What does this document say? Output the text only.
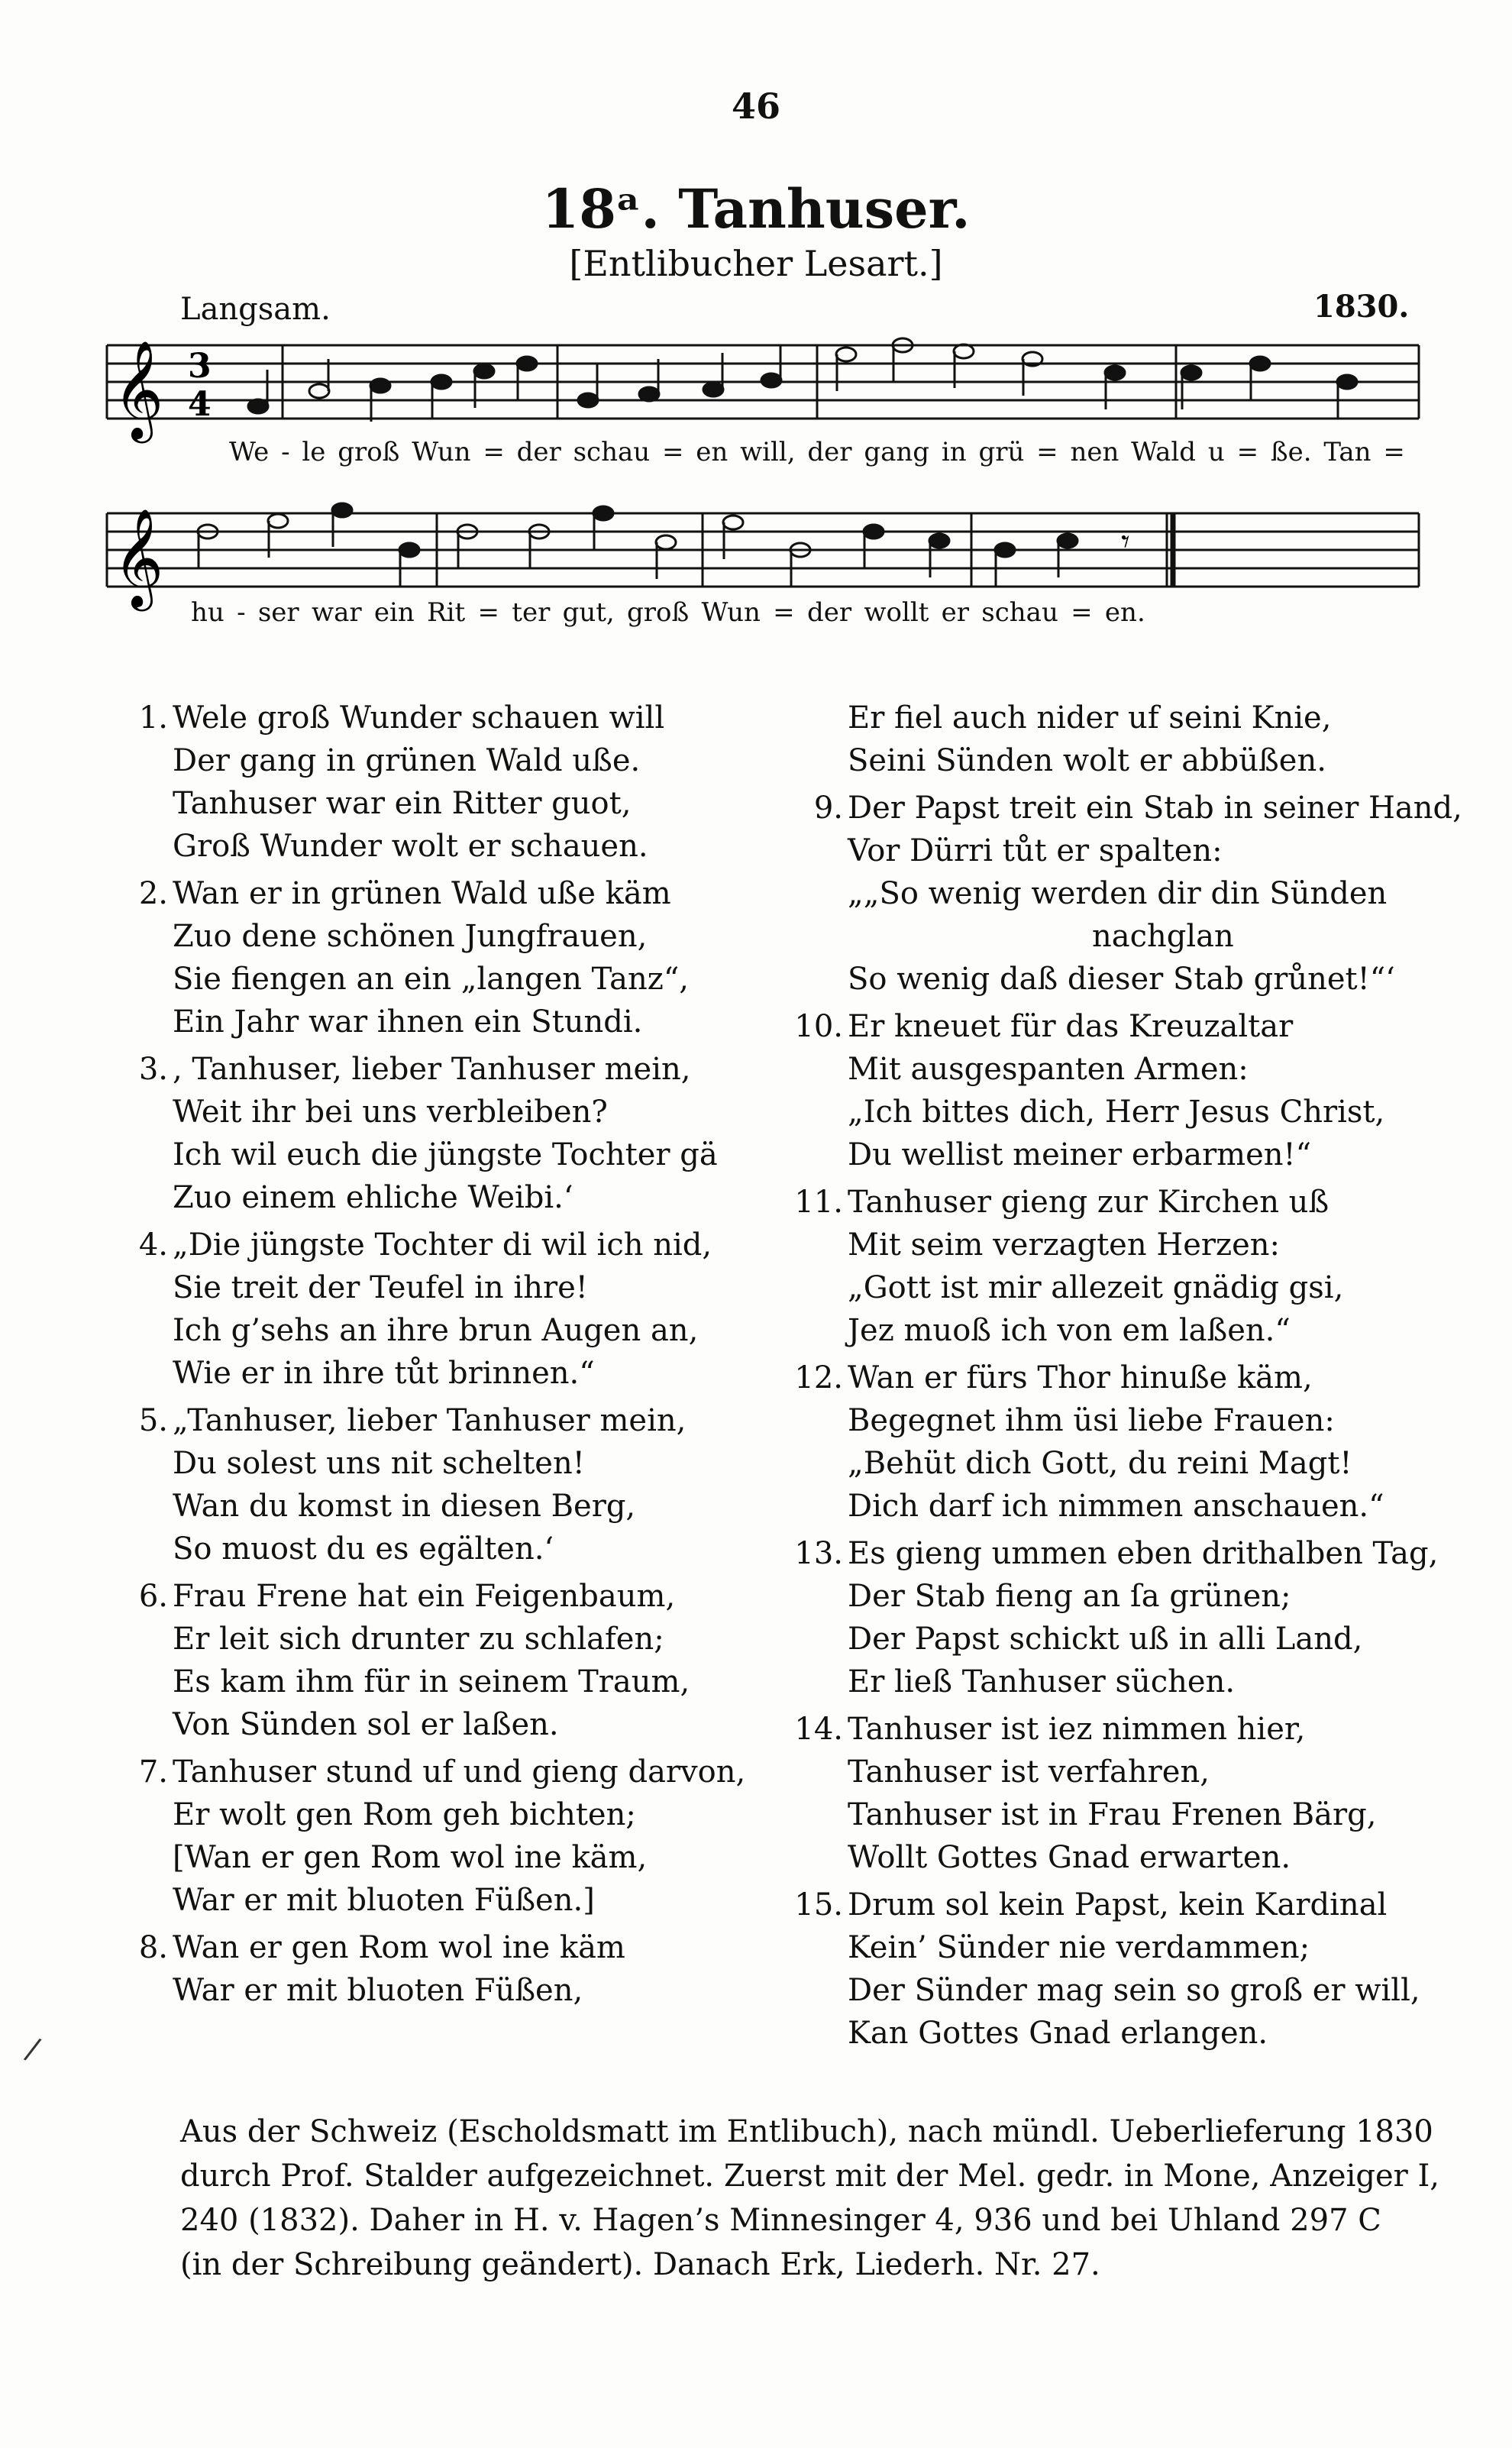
46
18ᵃ. Tanhuser.
[Entlibucher Lesart.]
Langsam.	1830.
𝄞 3
4
𝄞	𝄾
We - le groß Wun = der schau = en will, der gang in grü = nen Wald u = ße. Tan =
hu - ser war ein Rit = ter gut, groß Wun = der wollt er schau = en.
1. Wele groß Wunder schauen will
Der gang in grünen Wald uße.
Tanhuser war ein Ritter guot,
Groß Wunder wolt er schauen.
2. Wan er in grünen Wald uße käm
Zuo dene schönen Jungfrauen,
Sie fiengen an ein „langen Tanz“,
Ein Jahr war ihnen ein Stundi.
3. , Tanhuser, lieber Tanhuser mein,
Weit ihr bei uns verbleiben?
Ich wil euch die jüngste Tochter gä
Zuo einem ehliche Weibi.‘
4. „Die jüngste Tochter di wil ich nid,
Sie treit der Teufel in ihre!
Ich g’sehs an ihre brun Augen an,
Wie er in ihre tůt brinnen.“
5. „Tanhuser, lieber Tanhuser mein,
Du solest uns nit schelten!
Wan du komst in diesen Berg,
So muost du es egälten.‘
6. Frau Frene hat ein Feigenbaum,
Er leit sich drunter zu schlafen;
Es kam ihm für in seinem Traum,
Von Sünden sol er laßen.
7. Tanhuser stund uf und gieng darvon,
Er wolt gen Rom geh bichten;
[Wan er gen Rom wol ine käm,
War er mit bluoten Füßen.]
8. Wan er gen Rom wol ine käm
War er mit bluoten Füßen,
Er fiel auch nider uf seini Knie,
Seini Sünden wolt er abbüßen.
9. Der Papst treit ein Stab in seiner Hand,
Vor Dürri tůt er spalten:
„„So wenig werden dir din Sünden
nachglan
So wenig daß dieser Stab grůnet!“‘
10. Er kneuet für das Kreuzaltar
Mit ausgespanten Armen:
„Ich bittes dich, Herr Jesus Christ,
Du wellist meiner erbarmen!“
11. Tanhuser gieng zur Kirchen uß
Mit seim verzagten Herzen:
„Gott ist mir allezeit gnädig gsi,
Jez muoß ich von em laßen.“
12. Wan er fürs Thor hinuße käm,
Begegnet ihm üsi liebe Frauen:
„Behüt dich Gott, du reini Magt!
Dich darf ich nimmen anschauen.“
13. Es gieng ummen eben drithalben Tag,
Der Stab fieng an ſa grünen;
Der Papst schickt uß in alli Land,
Er ließ Tanhuser süchen.
14. Tanhuser ist iez nimmen hier,
Tanhuser ist verfahren,
Tanhuser ist in Frau Frenen Bärg,
Wollt Gottes Gnad erwarten.
15. Drum sol kein Papst, kein Kardinal
Kein’ Sünder nie verdammen;
Der Sünder mag sein so groß er will,
Kan Gottes Gnad erlangen.
Aus der Schweiz (Escholdsmatt im Entlibuch), nach mündl. Ueberlieferung 1830
durch Prof. Stalder aufgezeichnet. Zuerst mit der Mel. gedr. in Mone, Anzeiger I,
240 (1832). Daher in H. v. Hagen’s Minnesinger 4, 936 und bei Uhland 297 C
(in der Schreibung geändert). Danach Erk, Liederh. Nr. 27.
/
